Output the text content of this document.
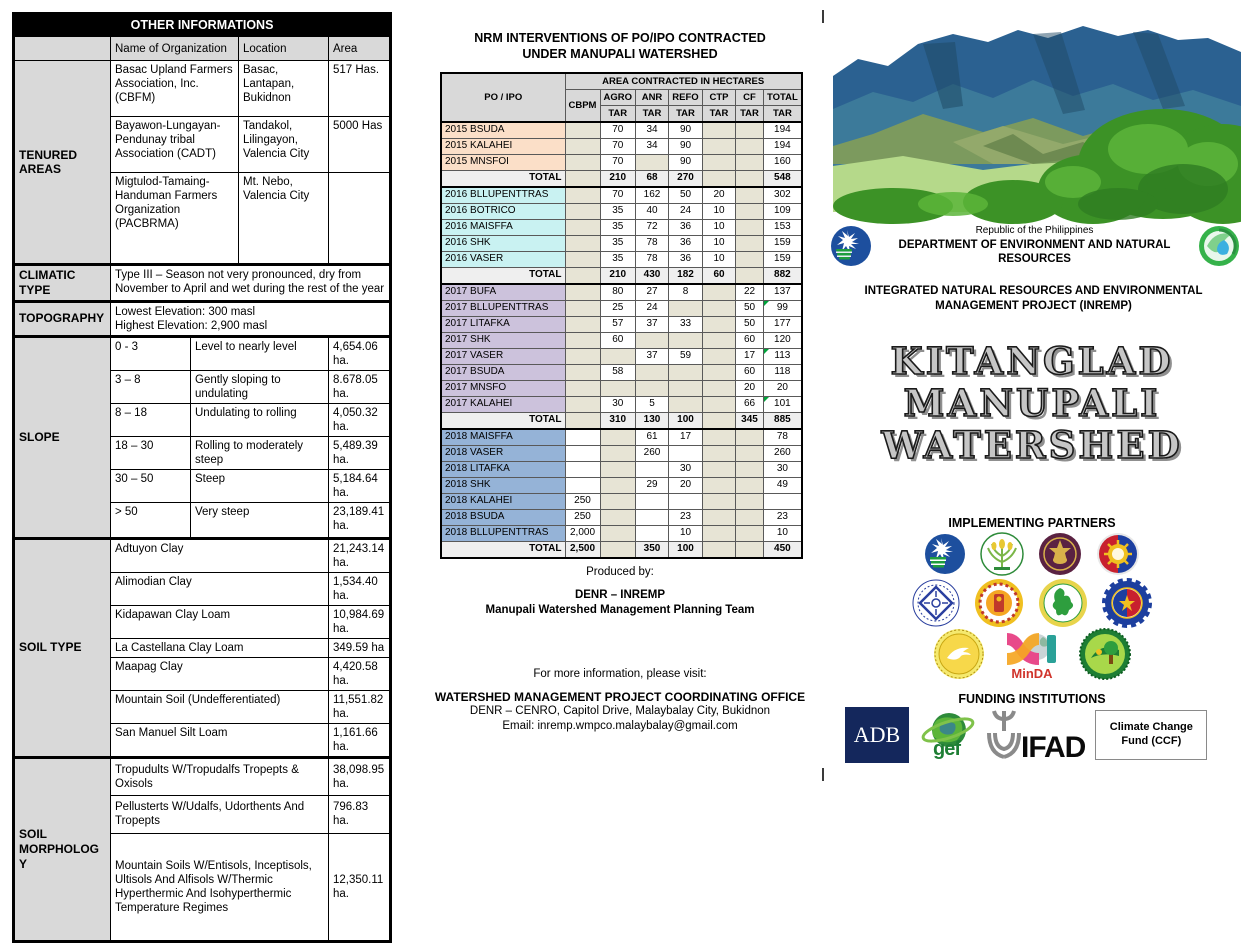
OTHER INFORMATIONS				
	Name of Organization		Location	Area
TENURED AREAS	Basac Upland Farmers Association, Inc. (CBFM)		Basac, Lantapan, Bukidnon	517 Has.
	Bayawon-Lungayan-Pendunay tribal Association (CADT)		Tandakol, Lilingayon, Valencia City	5000 Has
	Migtulod-Tamaing-Handuman Farmers Organization (PACBRMA)		Mt. Nebo, Valencia City	
CLIMATIC TYPE	Type III – Season not very pronounced, dry from November to April and wet during the rest of the year			
TOPOGRAPHY	Lowest Elevation: 300 masl
Highest Elevation: 2,900 masl			

SLOPE	0 - 3	Level to nearly level		4,654.06 ha.
	3 – 8	Gently sloping to undulating		8.678.05 ha.
	8 – 18	Undulating to rolling		4,050.32 ha.
	18 – 30	Rolling to moderately steep		5,489.39 ha.
	30 – 50	Steep		5,184.64 ha.
	> 50	Very steep		23,189.41 ha.
SOIL TYPE	Adtuyon Clay			21,243.14 ha.
	Alimodian Clay			1,534.40 ha.
	Kidapawan Clay Loam			10,984.69 ha.
	La Castellana Clay Loam			349.59 ha
	Maapag Clay			4,420.58 ha.
	Mountain Soil (Undefferentiated)			11,551.82 ha.
	San Manuel Silt Loam			1,161.66 ha.
SOIL MORPHOLOGY	Tropudults W/Tropudalfs Tropepts & Oxisols			38,098.95 ha.
	Pellusterts W/Udalfs, Udorthents And Tropepts			796.83 ha.
	Mountain Soils W/Entisols, Inceptisols, Ultisols And Alfisols W/Thermic Hyperthermic And Isohyperthermic Temperature Regimes			12,350.11 ha.
NRM INTERVENTIONS OF PO/IPO CONTRACTED
UNDER MANUPALI WATERSHED
PO / IPO	AREA CONTRACTED IN HECTARES						
	CBPM	AGRO	ANR	REFO	CTP	CF	TOTAL
		TAR	TAR	TAR	TAR	TAR	TAR
2015 BSUDA		70	34	90			194
2015 KALAHEI		70	34	90			194
2015 MNSFOI		70		90			160
TOTAL		210	68	270			548
2016 BLLUPENTTRAS		70	162	50	20		302
2016 BOTRICO		35	40	24	10		109
2016 MAISFFA		35	72	36	10		153
2016 SHK		35	78	36	10		159
2016 VASER		35	78	36	10		159
TOTAL		210	430	182	60		882
2017 BUFA		80	27	8		22	137
2017 BLLUPENTTRAS		25	24			50	99
2017 LITAFKA		57	37	33		50	177
2017 SHK		60				60	120
2017 VASER			37	59		17	113
2017 BSUDA		58				60	118
2017 MNSFO						20	20
2017 KALAHEI		30	5			66	101
TOTAL		310	130	100		345	885
2018 MAISFFA			61	17			78
2018 VASER			260				260
2018 LITAFKA				30			30
2018 SHK			29	20			49
2018 KALAHEI	250						
2018 BSUDA	250			23			23
2018 BLLUPENTTRAS	2,000			10			10
TOTAL	2,500		350	100			450
Produced by:
DENR – INREMP
Manupali Watershed Management Planning Team
For more information, please visit:
WATERSHED MANAGEMENT PROJECT COORDINATING OFFICE
DENR – CENRO, Capitol Drive, Malaybalay City, Bukidnon
Email: inremp.wmpco.malaybalay@gmail.com
Republic of the Philippines
DEPARTMENT OF ENVIRONMENT AND NATURAL RESOURCES
INTEGRATED NATURAL RESOURCES AND ENVIRONMENTAL
MANAGEMENT PROJECT (INREMP)
KITANGLAD
MANUPALI
WATERSHED
IMPLEMENTING PARTNERS
MinDA
FUNDING INSTITUTIONS
ADB
gef IFAD
Climate Change
Fund (CCF)
